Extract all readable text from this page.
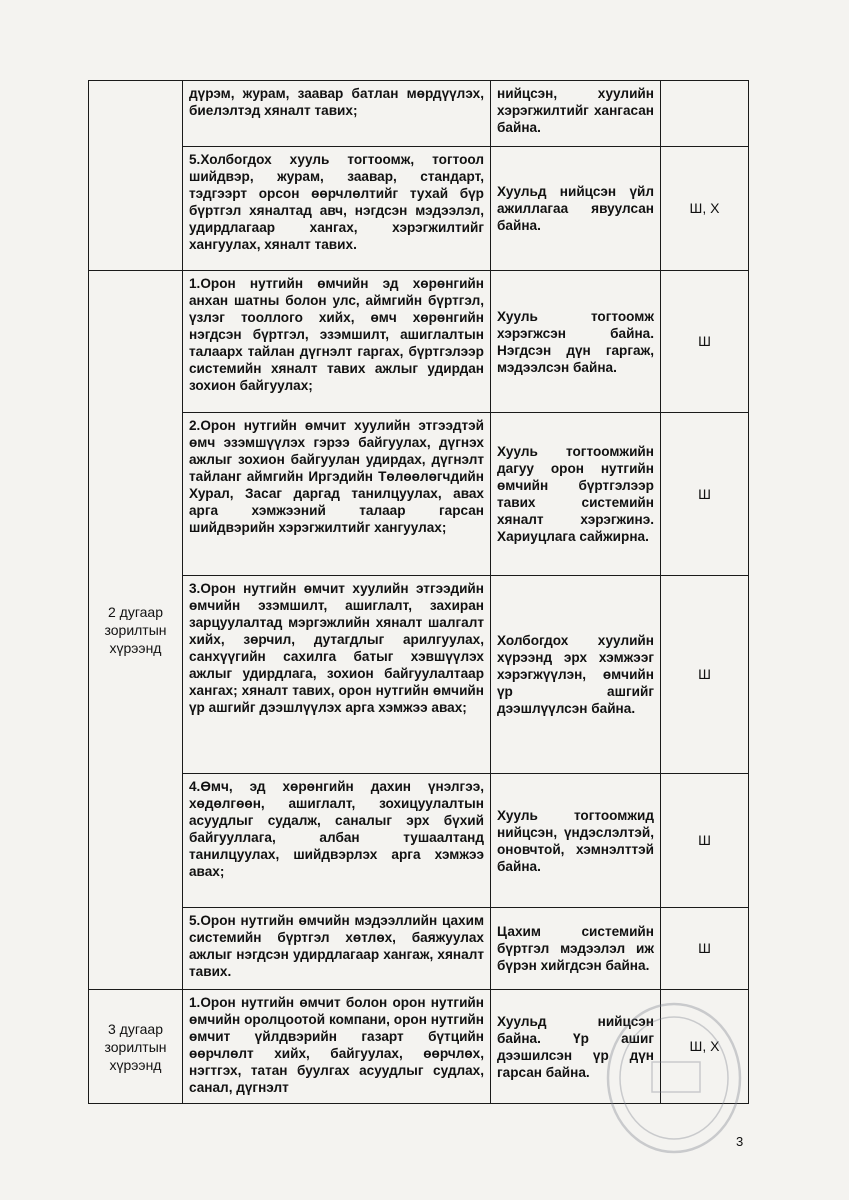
	дүрэм, журам, заавар батлан мөрдүүлэх, биелэлтэд хяналт тавих;	нийцсэн, хуулийн хэрэгжилтийг хангасан байна.	
	5.Холбогдох хууль тогтоомж, тогтоол шийдвэр, журам, заавар, стандарт, тэдгээрт орсон өөрчлөлтийг тухай бүр бүртгэл хяналтад авч, нэгдсэн мэдээлэл, удирдлагаар хангах, хэрэгжилтийг хангуулах, хяналт тавих.	Хуульд нийцсэн үйл ажиллагаа явуулсан байна.	Ш, Х
2 дугаар зорилтын хүрээнд	1.Орон нутгийн өмчийн эд хөрөнгийн анхан шатны болон улс, аймгийн бүртгэл, үзлэг тооллого хийх, өмч хөрөнгийн нэгдсэн бүртгэл, эзэмшилт, ашиглалтын талаарх тайлан дүгнэлт гаргах, бүртгэлээр системийн хяналт тавих ажлыг удирдан зохион байгуулах;	Хууль тогтоомж хэрэгжсэн байна. Нэгдсэн дүн гаргаж, мэдээлсэн байна.	Ш
	2.Орон нутгийн өмчит хуулийн этгээдтэй өмч эзэмшүүлэх гэрээ байгуулах, дүгнэх ажлыг зохион байгуулан удирдах, дүгнэлт тайланг аймгийн Иргэдийн Төлөөлөгчдийн Хурал, Засаг даргад танилцуулах, авах арга хэмжээний талаар гарсан шийдвэрийн хэрэгжилтийг хангуулах;	Хууль тогтоомжийн дагуу орон нутгийн өмчийн бүртгэлээр тавих системийн хяналт хэрэгжинэ. Хариуцлага сайжирна.	Ш
	3.Орон нутгийн өмчит хуулийн этгээдийн өмчийн эзэмшилт, ашиглалт, захиран зарцуулалтад мэргэжлийн хяналт шалгалт хийх, зөрчил, дутагдлыг арилгуулах, санхүүгийн сахилга батыг хэвшүүлэх ажлыг удирдлага, зохион байгуулалтаар хангах; хяналт тавих, орон нутгийн өмчийн үр ашгийг дээшлүүлэх арга хэмжээ авах;	Холбогдох хуулийн хүрээнд эрх хэмжээг хэрэгжүүлэн, өмчийн үр ашгийг дээшлүүлсэн байна.	Ш
	4.Өмч, эд хөрөнгийн дахин үнэлгээ, хөдөлгөөн, ашиглалт, зохицуулалтын асуудлыг судалж, саналыг эрх бүхий байгууллага, албан тушаалтанд танилцуулах, шийдвэрлэх арга хэмжээ авах;	Хууль тогтоомжид нийцсэн, үндэслэлтэй, оновчтой, хэмнэлттэй байна.	Ш
	5.Орон нутгийн өмчийн мэдээллийн цахим системийн бүртгэл хөтлөх, баяжуулах ажлыг нэгдсэн удирдлагаар хангаж, хяналт тавих.	Цахим системийн бүртгэл мэдээлэл иж бүрэн хийгдсэн байна.	Ш
3 дугаар зорилтын хүрээнд	1.Орон нутгийн өмчит болон орон нутгийн өмчийн оролцоотой компани, орон нутгийн өмчит үйлдвэрийн газарт бүтцийн өөрчлөлт хийх, байгуулах, өөрчлөх, нэгтгэх, татан буулгах асуудлыг судлах, санал, дүгнэлт	Хуульд нийцсэн байна. Үр ашиг дээшилсэн үр дүн гарсан байна.	Ш, Х
3
